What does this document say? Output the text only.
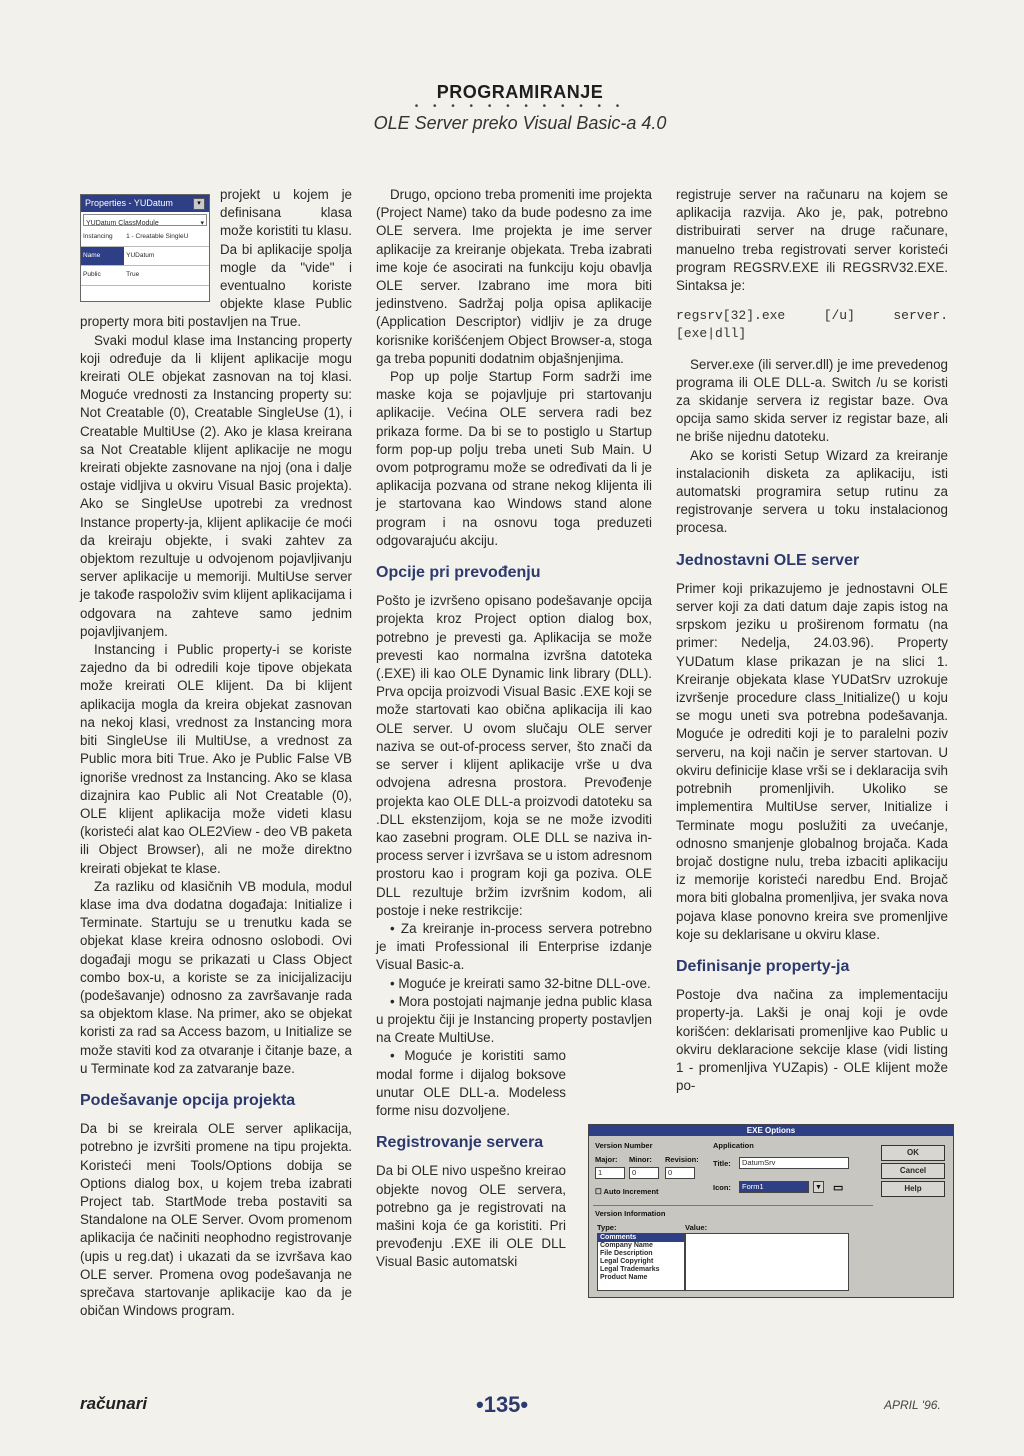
PROGRAMIRANJE
• • • • • • • • • • • •
OLE Server preko Visual Basic-a 4.0
Properties - YUDatum	▾
YUDatum ClassModule	▾
Instancing	1 - Creatable SingleU
Name	YUDatum
Public	True

projekt u kojem je definisana klasa može koristiti tu klasu. Da bi aplikacije spolja mogle da "vide" i eventualno koriste objekte klase Public property mora biti postavljen na True.

Svaki modul klase ima Instancing property koji određuje da li klijent aplikacije mogu kreirati OLE objekat zasnovan na toj klasi. Moguće vrednosti za Instancing property su: Not Creatable (0), Creatable SingleUse (1), i Creatable MultiUse (2). Ako je klasa kreirana sa Not Creatable klijent aplikacije ne mogu kreirati objekte zasnovane na njoj (ona i dalje ostaje vidljiva u okviru Visual Basic projekta). Ako se SingleUse upotrebi za vrednost Instance property-ja, klijent aplikacije će moći da kreiraju objekte, i svaki zahtev za objektom rezultuje u odvojenom pojavljivanju server aplikacije u memoriji. MultiUse server je takođe raspoloživ svim klijent aplikacijama i odgovara na zahteve samo jednim pojavljivanjem.

Instancing i Public property-i se koriste zajedno da bi odredili koje tipove objekata može kreirati OLE klijent. Da bi klijent aplikacija mogla da kreira objekat zasnovan na nekoj klasi, vrednost za Instancing mora biti SingleUse ili MultiUse, a vrednost za Public mora biti True. Ako je Public False VB ignoriše vrednost za Instancing. Ako se klasa dizajnira kao Public ali Not Creatable (0), OLE klijent aplikacija može videti klasu (koristeći alat kao OLE2View - deo VB paketa ili Object Browser), ali ne može direktno kreirati objekat te klase.

Za razliku od klasičnih VB modula, modul klase ima dva dodatna događaja: Initialize i Terminate. Startuju se u trenutku kada se objekat klase kreira odnosno oslobodi. Ovi događaji mogu se prikazati u Class Object combo box-u, a koriste se za inicijalizaciju (podešavanje) odnosno za završavanje rada sa objektom klase. Na primer, ako se objekat koristi za rad sa Access bazom, u Initialize se može staviti kod za otvaranje i čitanje baze, a u Terminate kod za zatvaranje baze.

Podešavanje opcija projekta

Da bi se kreirala OLE server aplikacija, potrebno je izvršiti promene na tipu projekta. Koristeći meni Tools/Options dobija se Options dialog box, u kojem treba izabrati Project tab. StartMode treba postaviti sa Standalone na OLE Server. Ovom promenom aplikacija će načiniti neophodno registrovanje (upis u reg.dat) i ukazati da se izvršava kao OLE server. Promena ovog podešavanja ne sprečava startovanje aplikacije kao da je običan Windows program.

Drugo, opciono treba promeniti ime projekta (Project Name) tako da bude podesno za ime OLE servera. Ime projekta je ime server aplikacije za kreiranje objekata. Treba izabrati ime koje će asocirati na funkciju koju obavlja OLE server. Izabrano ime mora biti jedinstveno. Sadržaj polja opisa aplikacije (Application Descriptor) vidljiv je za druge korisnike korišćenjem Object Browser-a, stoga ga treba popuniti dodatnim objašnjenjima.

Pop up polje Startup Form sadrži ime maske koja se pojavljuje pri startovanju aplikacije. Većina OLE servera radi bez prikaza forme. Da bi se to postiglo u Startup form pop-up polju treba uneti Sub Main. U ovom potprogramu može se određivati da li je aplikacija pozvana od strane nekog klijenta ili je startovana kao Windows stand alone program i na osnovu toga preduzeti odgovarajuću akciju.

Opcije pri prevođenju

Pošto je izvršeno opisano podešavanje opcija projekta kroz Project option dialog box, potrebno je prevesti ga. Aplikacija se može prevesti kao normalna izvršna datoteka (.EXE) ili kao OLE Dynamic link library (DLL). Prva opcija proizvodi Visual Basic .EXE koji se može startovati kao obična aplikacija ili kao OLE server. U ovom slučaju OLE server naziva se out-of-process server, što znači da se server i klijent aplikacije vrše u dva odvojena adresna prostora. Prevođenje projekta kao OLE DLL-a proizvodi datoteku sa .DLL ekstenzijom, koja se ne može izvoditi kao zasebni program. OLE DLL se naziva in-process server i izvršava se u istom adresnom prostoru kao i program koji ga poziva. OLE DLL rezultuje bržim izvršnim kodom, ali postoje i neke restrikcije:

• Za kreiranje in-process servera potrebno je imati Professional ili Enterprise izdanje Visual Basic-a.

• Moguće je kreirati samo 32-bitne DLL-ove.

• Mora postojati najmanje jedna public klasa u projektu čiji je Instancing property postavljen na Create MultiUse.

• Moguće je koristiti samo modal forme i dijalog boksove unutar OLE DLL-a. Modeless forme nisu dozvoljene.

Registrovanje servera

Da bi OLE nivo uspešno kreirao objekte novog OLE servera, potrebno ga je registrovati na mašini koja će ga koristiti. Pri prevođenju .EXE ili OLE DLL Visual Basic automatski

registruje server na računaru na kojem se aplikacija razvija. Ako je, pak, potrebno distribuirati server na druge računare, manuelno treba registrovati server koristeći program REGSRV.EXE ili REGSRV32.EXE. Sintaksa je:

regsrv[32].exe [/u] server.[exe|dll]

Server.exe (ili server.dll) je ime prevedenog programa ili OLE DLL-a. Switch /u se koristi za skidanje servera iz registar baze. Ova opcija samo skida server iz registar baze, ali ne briše nijednu datoteku.

Ako se koristi Setup Wizard za kreiranje instalacionih disketa za aplikaciju, isti automatski programira setup rutinu za registrovanje servera u toku instalacionog procesa.

Jednostavni OLE server

Primer koji prikazujemo je jednostavni OLE server koji za dati datum daje zapis istog na srpskom jeziku u proširenom formatu (na primer: Nedelja, 24.03.96). Property YUDatum klase prikazan je na slici 1. Kreiranje objekata klase YUDatSrv uzrokuje izvršenje procedure class_Initialize() u koju se mogu uneti sva potrebna podešavanja. Moguće je odrediti koji je to paralelni poziv serveru, na koji način je server startovan. U okviru definicije klase vrši se i deklaracija svih potrebnih promenljivih. Ukoliko se implementira MultiUse server, Initialize i Terminate mogu poslužiti za uvećanje, odnosno smanjenje globalnog brojača. Kada brojač dostigne nulu, treba izbaciti aplikaciju iz memorije koristeći naredbu End. Brojač mora biti globalna promenljiva, jer svaka nova pojava klase ponovno kreira sve promenljive koje su deklarisane u okviru klase.

Definisanje property-ja

Postoje dva načina za implementaciju property-ja. Lakši je onaj koji je ovde korišćen: deklarisati promenljive kao Public u okviru deklaracione sekcije klase (vidi listing 1 - promenljiva YUZapis) - OLE klijent može po-

EXE Options
Version Number
Major: Minor: Revision:
1	0	0
☐ Auto Increment
Application
Title:	DatumSrv
Icon:	Form1	▾	▭
Version Information
Type:	Value:
Comments
Company Name
File Description
Legal Copyright
Legal Trademarks
Product Name
OK
Cancel
Help
računari	•135•	APRIL '96.
